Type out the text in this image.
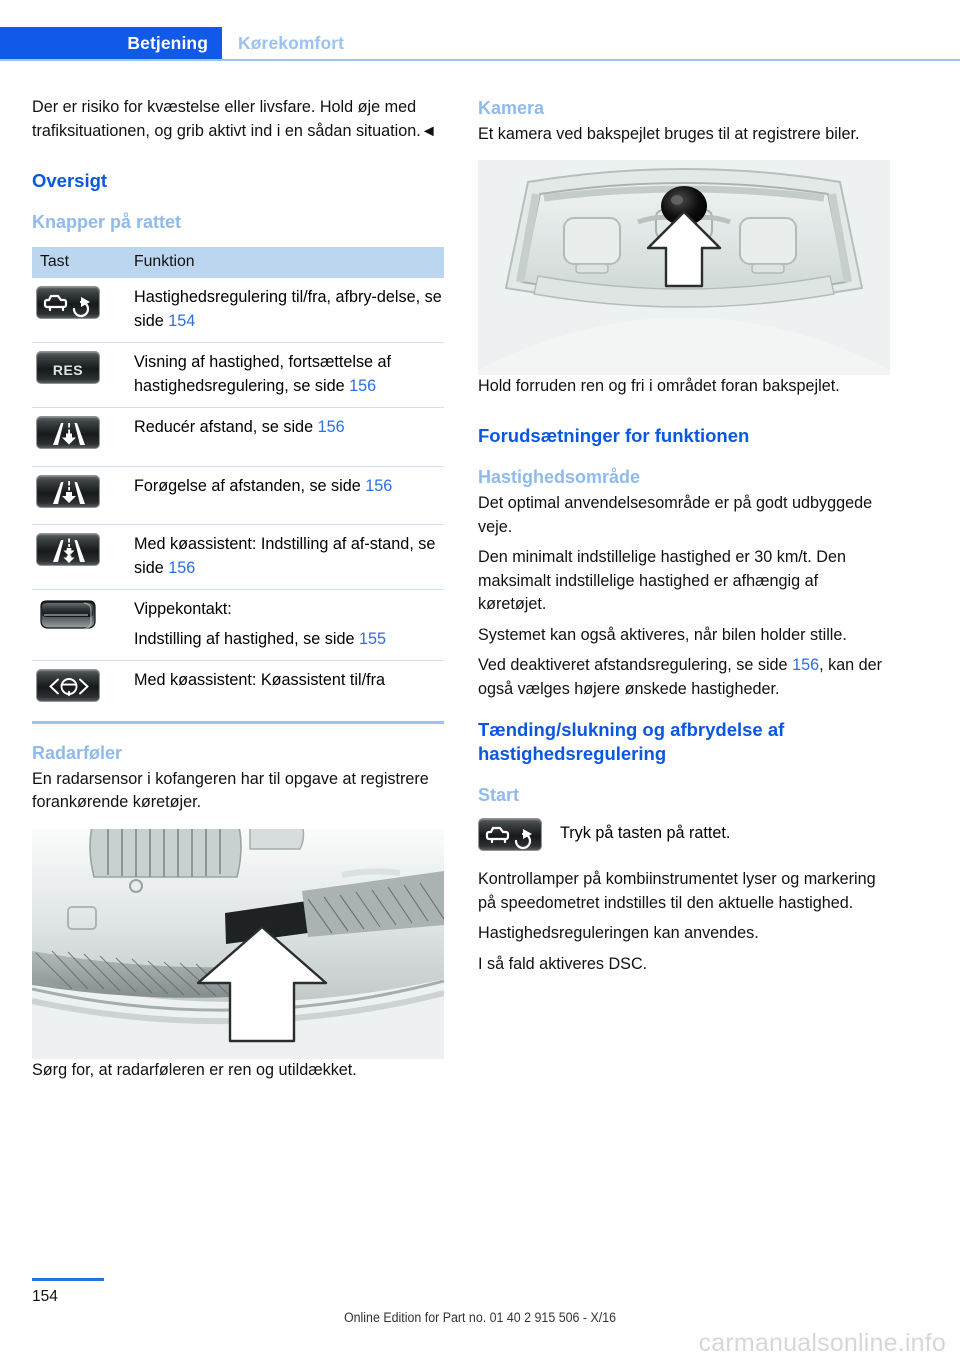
Betjening Kørekomfort

Der er risiko for kvæstelse eller livsfare. Hold øje med trafiksituationen, og grib aktivt ind i en sådan situation.◄

Oversigt
Knapper på rattet
Tast	Funktion

	Hastighedsregulering til/fra, afbry-delse, se side 154

RES	Visning af hastighed, fortsættelse af hastighedsregulering, se side 156

	Reducér afstand, se side 156

	Forøgelse af afstanden, se side 156

	Med køassistent: Indstilling af af-stand, se side 156

Vippekontakt:
Indstilling af hastighed, se side 155

	Med køassistent: Køassistent til/fra
Radarføler

En radarsensor i kofangeren har til opgave at registrere forankørende køretøjer.

Sørg for, at radarføleren er ren og utildækket.

Kamera

Et kamera ved bakspejlet bruges til at registrere biler.

Hold forruden ren og fri i området foran bakspejlet.

Forudsætninger for funktionen
Hastighedsområde

Det optimal anvendelsesområde er på godt udbyggede veje.

Den minimalt indstillelige hastighed er 30 km/t. Den maksimalt indstillelige hastighed er afhængig af køretøjet.

Systemet kan også aktiveres, når bilen holder stille.

Ved deaktiveret afstandsregulering, se side 156, kan der også vælges højere ønskede hastigheder.

Tænding/slukning og afbrydelse af hastighedsregulering
Start
Tryk på tasten på rattet.

Kontrollamper på kombiinstrumentet lyser og markering på speedometret indstilles til den aktuelle hastighed.

Hastighedsreguleringen kan anvendes.

I så fald aktiveres DSC.

154
Online Edition for Part no. 01 40 2 915 506 - X/16
carmanualsonline.info
